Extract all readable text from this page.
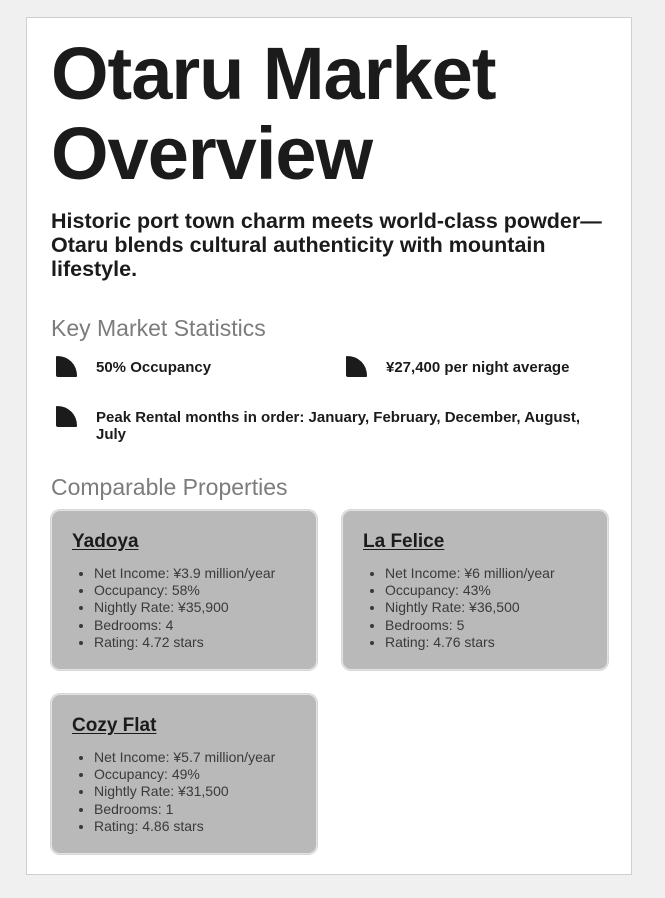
Otaru Market Overview

Historic port town charm meets world-class powder—Otaru blends cultural authenticity with mountain lifestyle.

Key Market Statistics
50% Occupancy	¥27,400 per night average
Peak Rental months in order: January, February, December, August, July
Comparable Properties
Yadoya
• Net Income: ¥3.9 million/year
• Occupancy: 58%
• Nightly Rate: ¥35,900
• Bedrooms: 4
• Rating: 4.72 stars
La Felice
• Net Income: ¥6 million/year
• Occupancy: 43%
• Nightly Rate: ¥36,500
• Bedrooms: 5
• Rating: 4.76 stars
Cozy Flat
• Net Income: ¥5.7 million/year
• Occupancy: 49%
• Nightly Rate: ¥31,500
• Bedrooms: 1
• Rating: 4.86 stars
